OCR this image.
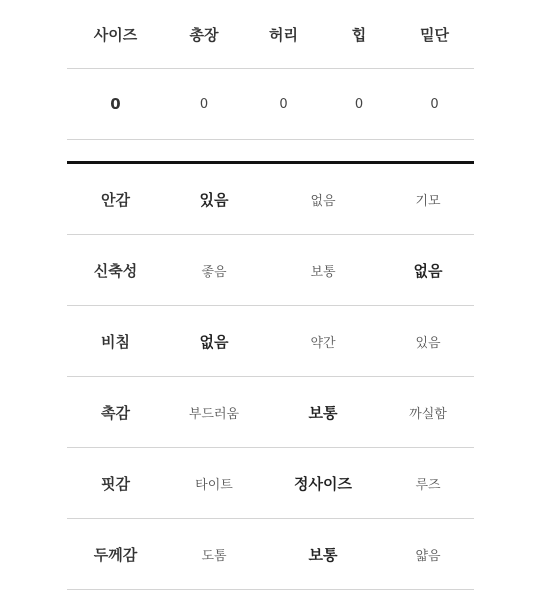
사이즈	총장	허리	힙	밑단
0	0	0	0	0
안감	있음	없음	기모
신축성	좋음	보통	없음
비침	없음	약간	있음
촉감	부드러움	보통	까실함
핏감	타이트	정사이즈	루즈
두께감	도톰	보통	얇음
